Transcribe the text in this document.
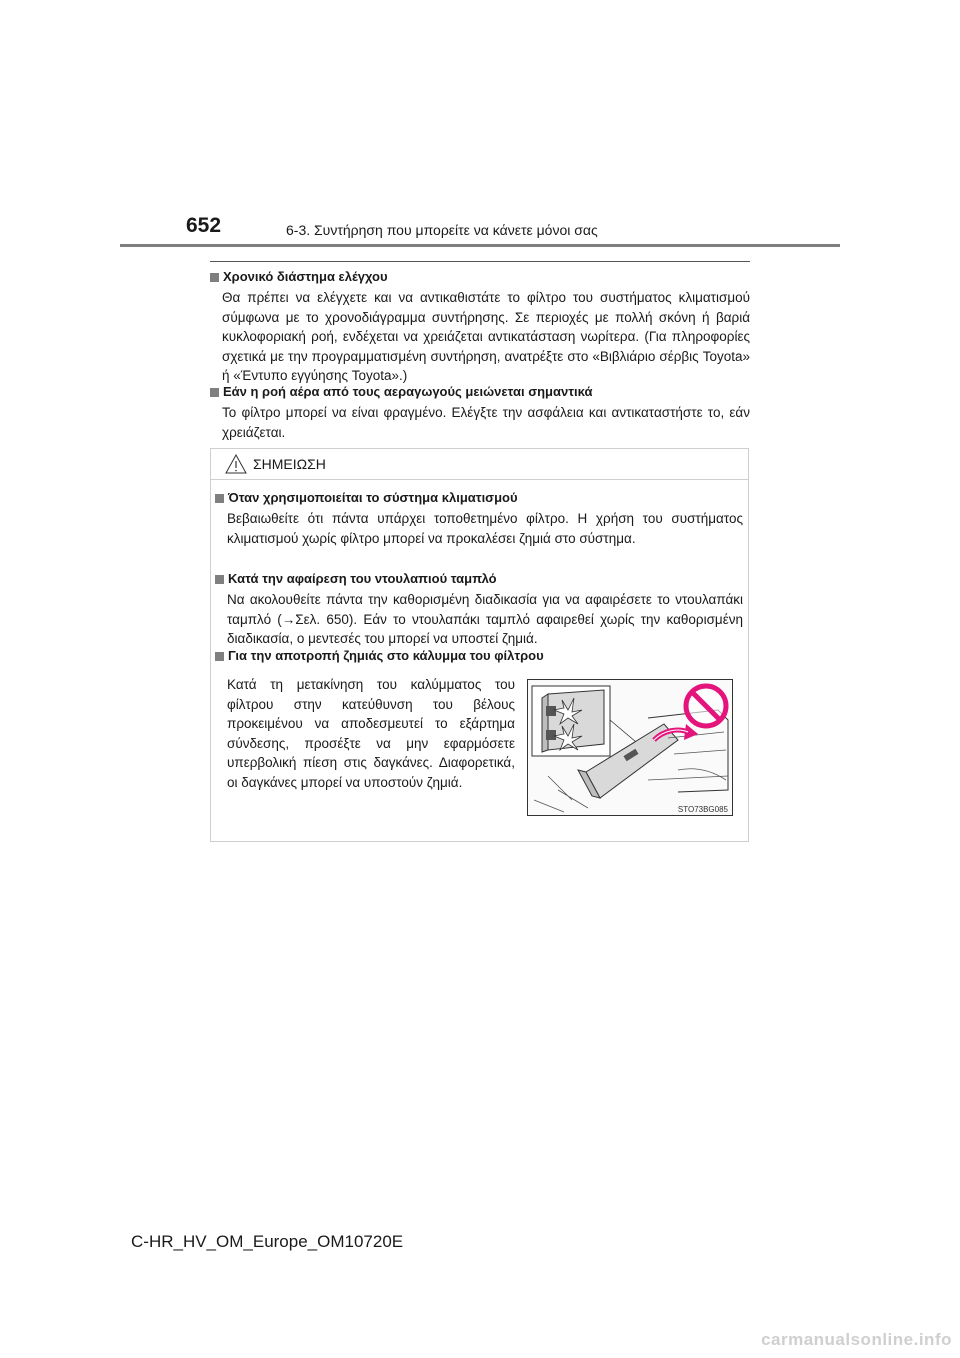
652	6-3. Συντήρηση που μπορείτε να κάνετε μόνοι σας
Χρονικό διάστημα ελέγχου
Θα πρέπει να ελέγχετε και να αντικαθιστάτε το φίλτρο του συστήματος κλιματισμού σύμφωνα με το χρονοδιάγραμμα συντήρησης. Σε περιοχές με πολλή σκόνη ή βαριά κυκλοφοριακή ροή, ενδέχεται να χρειάζεται αντικατάσταση νωρίτερα. (Για πληροφορίες σχετικά με την προγραμματισμένη συντήρηση, ανατρέξτε στο «Βιβλιάριο σέρβις Toyota» ή «Έντυπο εγγύησης Toyota».)
Εάν η ροή αέρα από τους αεραγωγούς μειώνεται σημαντικά
Το φίλτρο μπορεί να είναι φραγμένο. Ελέγξτε την ασφάλεια και αντικαταστήστε το, εάν χρειάζεται.
ΣΗΜΕΙΩΣΗ
Όταν χρησιμοποιείται το σύστημα κλιματισμού
Βεβαιωθείτε ότι πάντα υπάρχει τοποθετημένο φίλτρο. Η χρήση του συστήματος κλιματισμού χωρίς φίλτρο μπορεί να προκαλέσει ζημιά στο σύστημα.
Κατά την αφαίρεση του ντουλαπιού ταμπλό
Να ακολουθείτε πάντα την καθορισμένη διαδικασία για να αφαιρέσετε το ντουλαπάκι ταμπλό (→Σελ. 650). Εάν το ντουλαπάκι ταμπλό αφαιρεθεί χωρίς την καθορισμένη διαδικασία, ο μεντεσές του μπορεί να υποστεί ζημιά.
Για την αποτροπή ζημιάς στο κάλυμμα του φίλτρου
Κατά τη μετακίνηση του καλύμματος του φίλτρου στην κατεύθυνση του βέλους προκειμένου να αποδεσμευτεί το εξάρτημα σύνδεσης, προσέξτε να μην εφαρμόσετε υπερβολική πίεση στις δαγκάνες. Διαφορετικά, οι δαγκάνες μπορεί να υποστούν ζημιά.
STO73BG085
C-HR_HV_OM_Europe_OM10720E
carmanualsonline.info
